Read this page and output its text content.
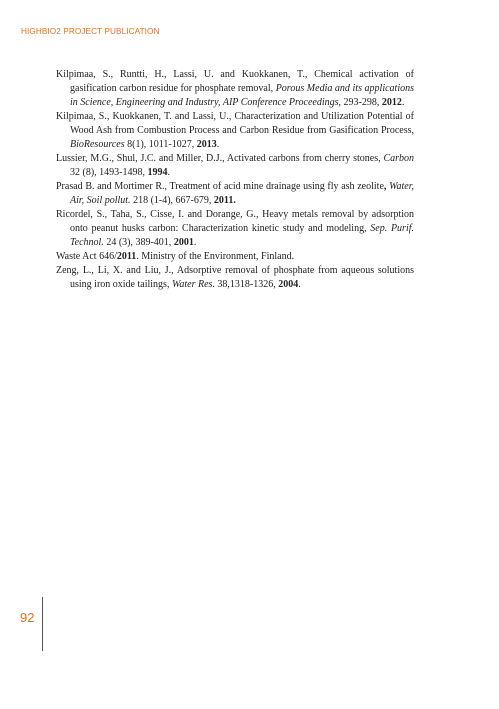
HIGHBIO2 PROJECT PUBLICATION

Kilpimaa, S., Runtti, H., Lassi, U. and Kuokkanen, T., Chemical activation of gasification carbon residue for phosphate removal, Porous Media and its applications in Science, Engineering and Industry, AIP Conference Proceedings, 293-298, 2012.

Kilpimaa, S., Kuokkanen, T. and Lassi, U., Characterization and Utilization Potential of Wood Ash from Combustion Process and Carbon Residue from Gasification Process, BioResources 8(1), 1011-1027, 2013.

Lussier, M.G., Shul, J.C. and Miller, D.J., Activated carbons from cherry stones, Carbon 32 (8), 1493-1498, 1994.

Prasad B. and Mortimer R., Treatment of acid mine drainage using fly ash zeolite, Water, Air, Soil pollut. 218 (1-4), 667-679, 2011.

Ricordel, S., Taha, S., Cisse, I. and Dorange, G., Heavy metals removal by adsorption onto peanut husks carbon: Characterization kinetic study and modeling, Sep. Purif. Technol. 24 (3), 389-401, 2001.

Waste Act 646/2011. Ministry of the Environment, Finland.

Zeng, L., Li, X. and Liu, J., Adsorptive removal of phosphate from aqueous solutions using iron oxide tailings, Water Res. 38,1318-1326, 2004.

92
